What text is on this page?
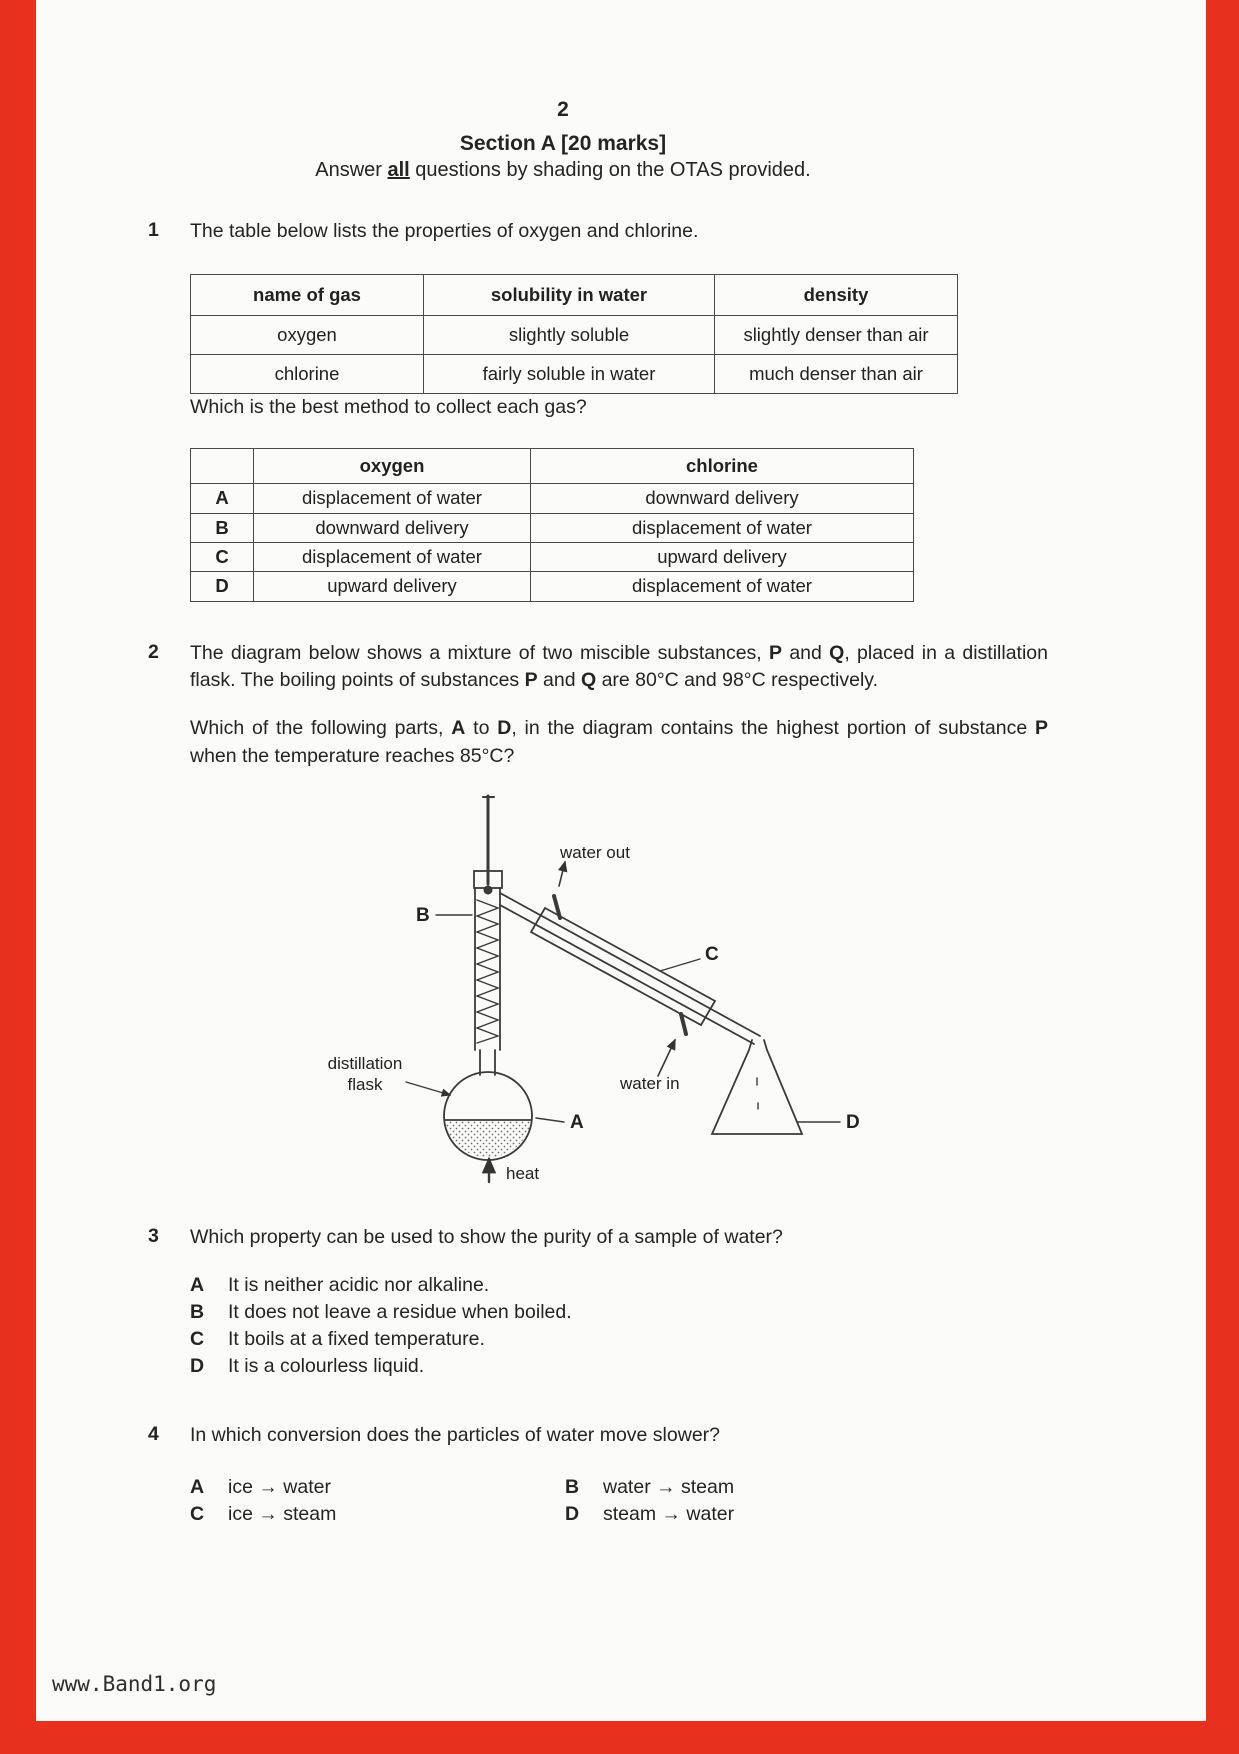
2
Section A [20 marks]
Answer all questions by shading on the OTAS provided.
1	The table below lists the properties of oxygen and chlorine.

name of gas	solubility in water	density
oxygen	slightly soluble	slightly denser than air
chlorine	fairly soluble in water	much denser than air

Which is the best method to collect each gas?

	oxygen	chlorine
A	displacement of water	downward delivery
B	downward delivery	displacement of water
C	displacement of water	upward delivery
D	upward delivery	displacement of water
2	The diagram below shows a mixture of two miscible substances, P and Q, placed in a distillation flask. The boiling points of substances P and Q are 80°C and 98°C respectively.

Which of the following parts, A to D, in the diagram contains the highest portion of substance P when the temperature reaches 85°C?

water out
B
C
distillation
flask	water in
A	D
heat
3	Which property can be used to show the purity of a sample of water?

A	It is neither acidic nor alkaline.
B	It does not leave a residue when boiled.
C	It boils at a fixed temperature.
D	It is a colourless liquid.
4	In which conversion does the particles of water move slower?

A	ice → water	B	water → steam
C	ice → steam	D	steam → water
www.Band1.org
